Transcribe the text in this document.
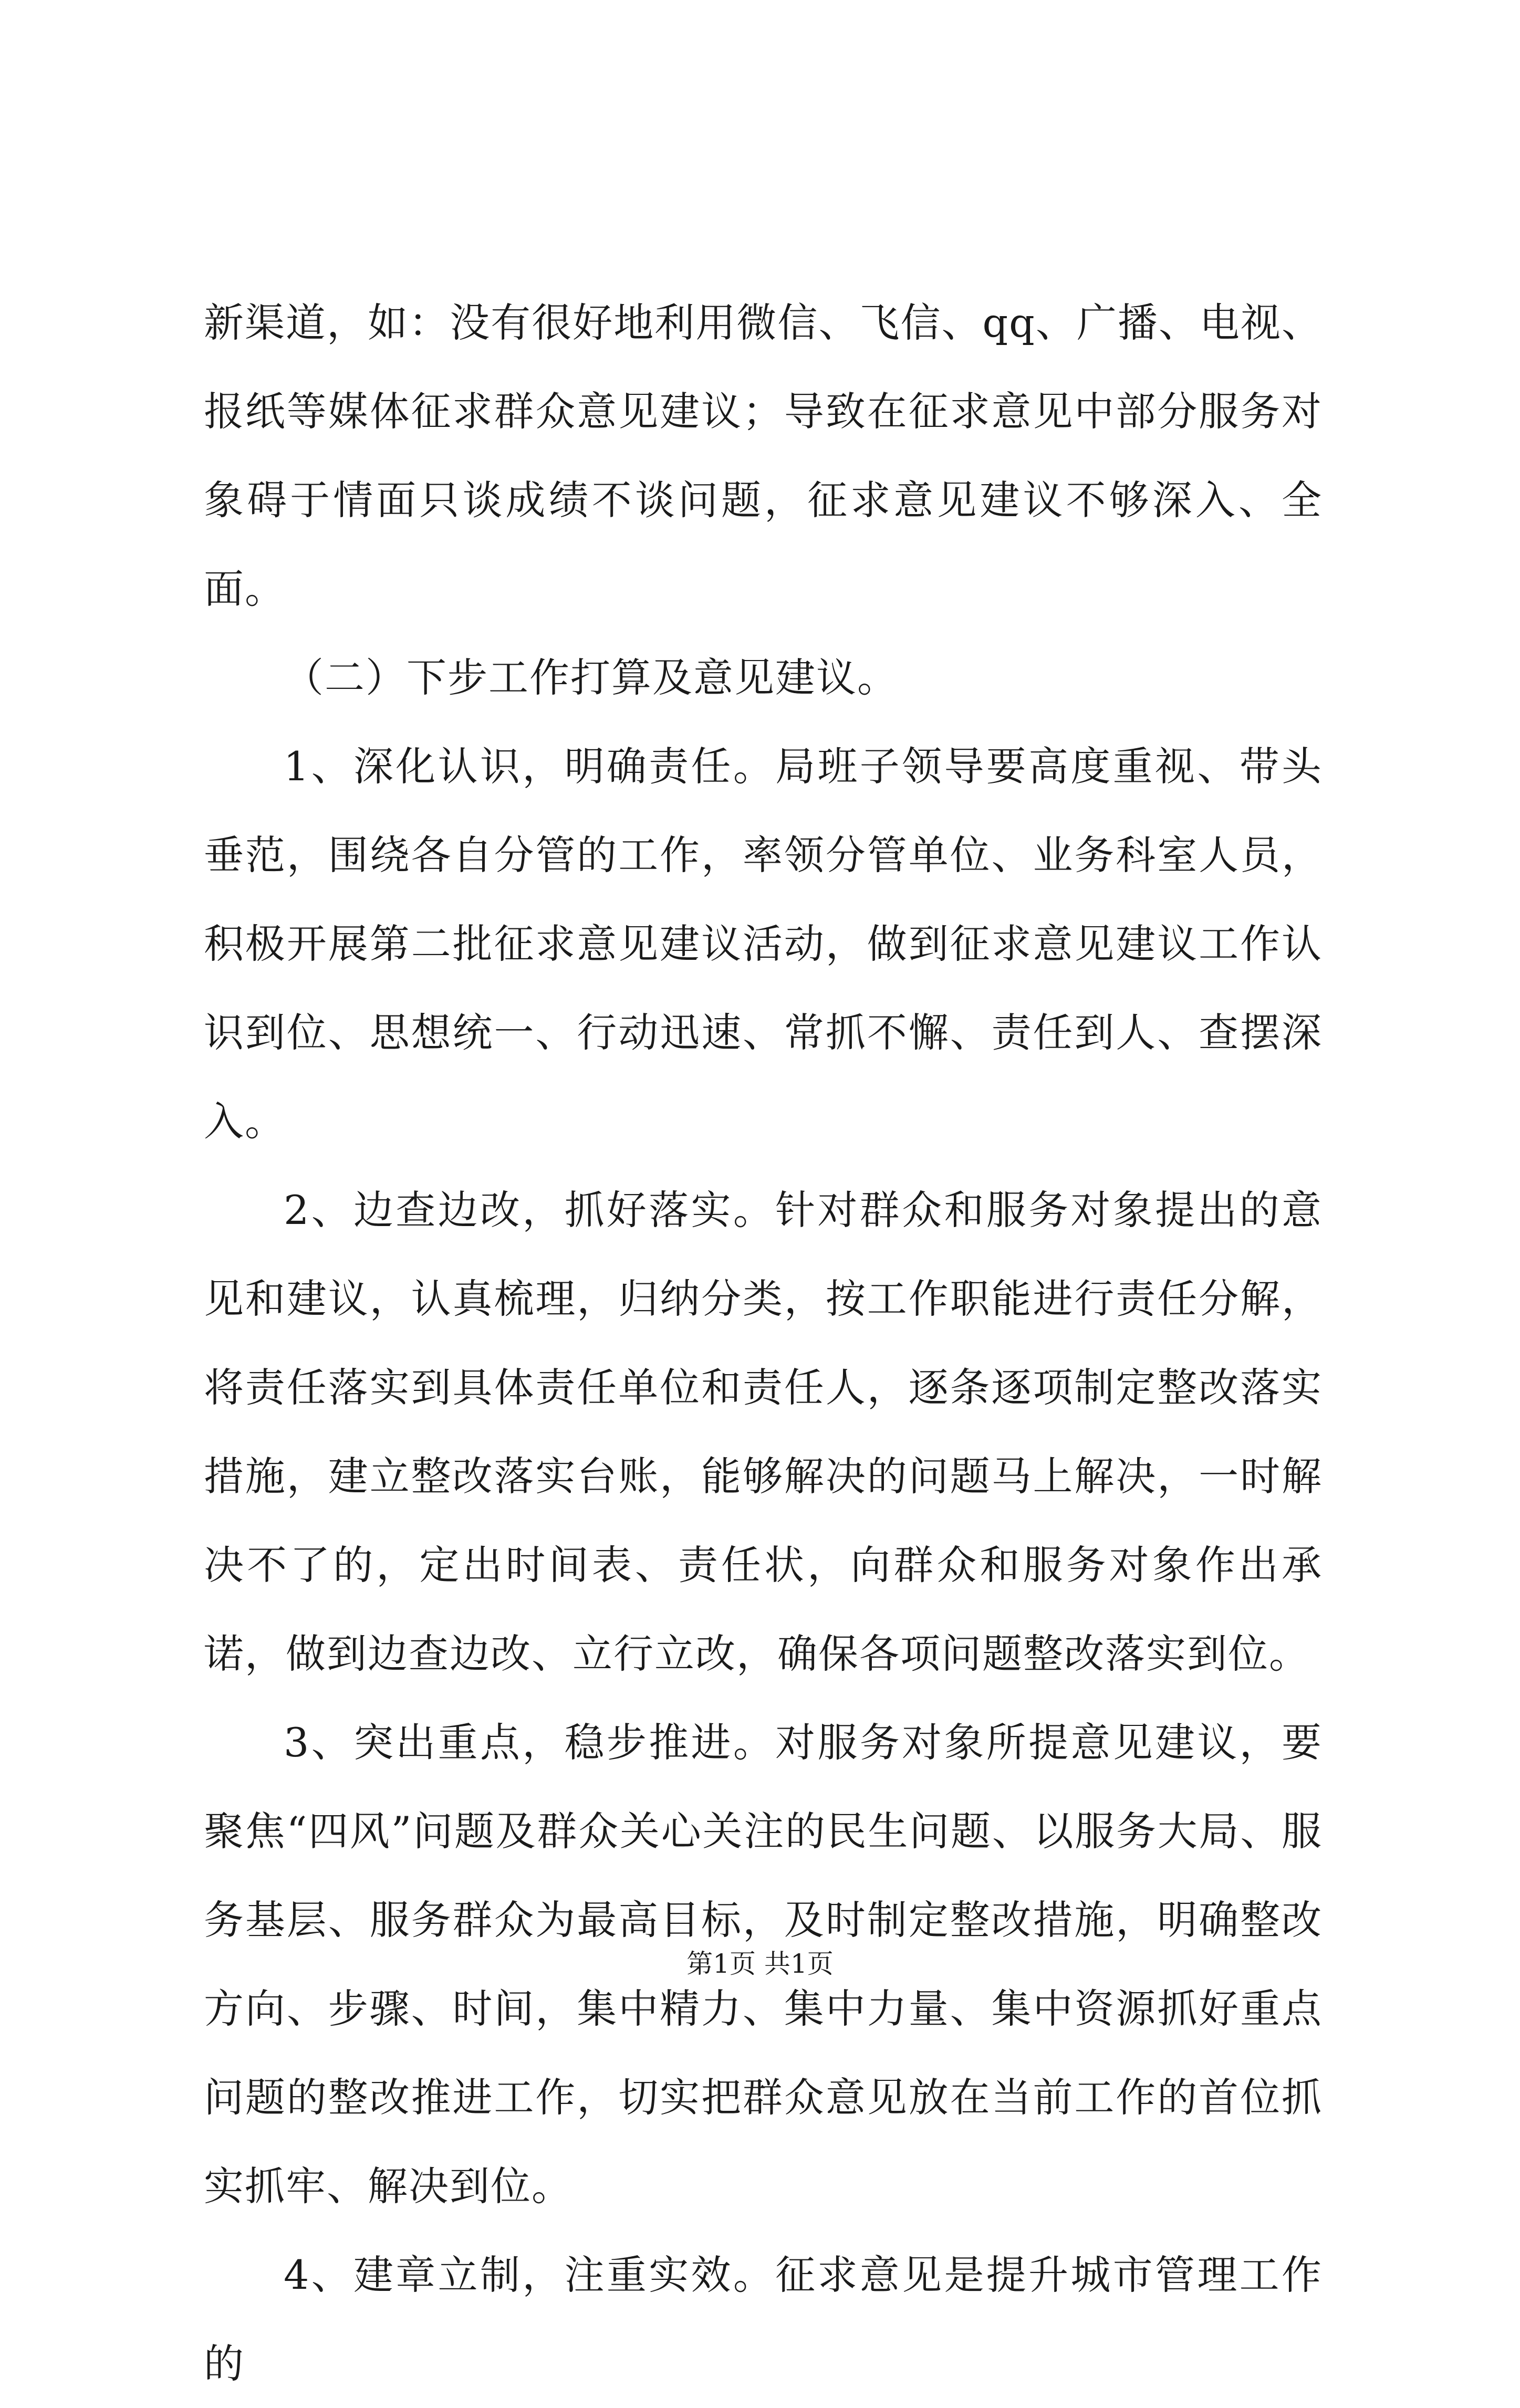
新渠道，如：没有很好地利用微信、飞信、qq、广播、电视、报纸等媒体征求群众意见建议；导致在征求意见中部分服务对象碍于情面只谈成绩不谈问题，征求意见建议不够深入、全面。

（二）下步工作打算及意见建议。

1、深化认识，明确责任。局班子领导要高度重视、带头垂范，围绕各自分管的工作，率领分管单位、业务科室人员，积极开展第二批征求意见建议活动，做到征求意见建议工作认识到位、思想统一、行动迅速、常抓不懈、责任到人、查摆深入。

2、边查边改，抓好落实。针对群众和服务对象提出的意见和建议，认真梳理，归纳分类，按工作职能进行责任分解，将责任落实到具体责任单位和责任人，逐条逐项制定整改落实措施，建立整改落实台账，能够解决的问题马上解决，一时解决不了的，定出时间表、责任状，向群众和服务对象作出承诺，做到边查边改、立行立改，确保各项问题整改落实到位。

3、突出重点，稳步推进。对服务对象所提意见建议，要聚焦“四风”问题及群众关心关注的民生问题、以服务大局、服务基层、服务群众为最高目标，及时制定整改措施，明确整改方向、步骤、时间，集中精力、集中力量、集中资源抓好重点问题的整改推进工作，切实把群众意见放在当前工作的首位抓实抓牢、解决到位。

4、建章立制，注重实效。征求意见是提升城市管理工作的

第1页 共1页
